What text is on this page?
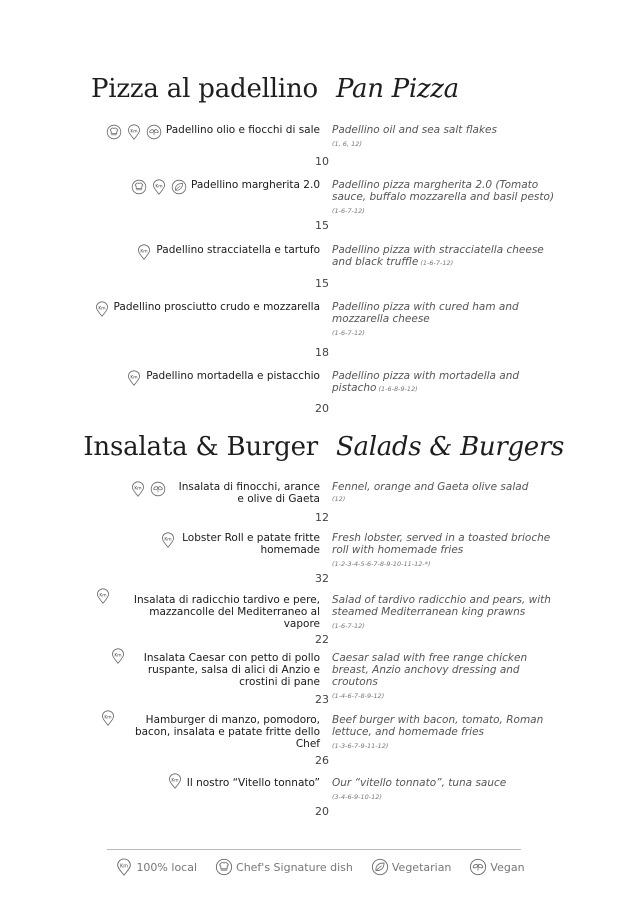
Pizza al padellino Pan Pizza
Km	Padellino olio e fiocchi di sale Padellino oil and sea salt flakes
(1, 6, 12)
10
Km	Padellino margherita 2.0 Padellino pizza margherita 2.0 (Tomato sauce, buffalo mozzarella and basil pesto)
(1-6-7-12)
15
Km Padellino stracciatella e tartufo Padellino pizza with stracciatella cheese and black truffle (1-6-7-12)
15
Km Padellino prosciutto crudo e mozzarella Padellino pizza with cured ham and mozzarella cheese
(1-6-7-12)
18
Km Padellino mortadella e pistacchio Padellino pizza with mortadella and pistacho (1-6-8-9-12)
20
Insalata & Burger Salads & Burgers
Km	Insalata di finocchi, arance e olive di Gaeta
Fennel, orange and Gaeta olive salad
(12)
12
Km Lobster Roll e patate fritte homemade
Fresh lobster, served in a toasted brioche roll with homemade fries
(1-2-3-4-5-6-7-8-9-10-11-12-*)
32
Km	Insalata di radicchio tardivo e pere, mazzancolle del Mediterraneo al vapore
Salad of tardivo radicchio and pears, with steamed Mediterranean king prawns
(1-6-7-12)
22
Km	Insalata Caesar con petto di pollo ruspante, salsa di alici di Anzio e crostini di pane
Caesar salad with free range chicken breast, Anzio anchovy dressing and croutons
(1-4-6-7-8-9-12)
23
Km	Hamburger di manzo, pomodoro, bacon, insalata e patate fritte dello Chef
Beef burger with bacon, tomato, Roman lettuce, and homemade fries
(1-3-6-7-9-11-12)
26
Km Il nostro “Vitello tonnato” Our “vitello tonnato”, tuna sauce
(3-4-6-9-10-12)
20
Km 100% local	Chef's Signature dish	Vegetarian	Vegan
